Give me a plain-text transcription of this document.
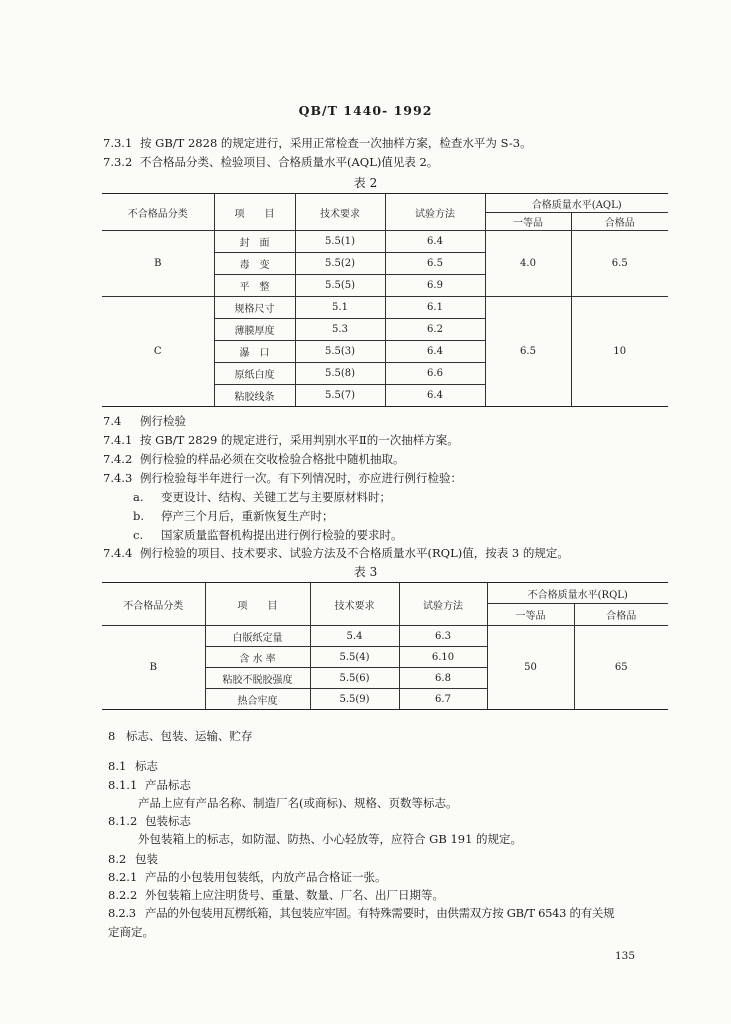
QB/T 1440- 1992
7.3.1 按 GB/T 2828 的规定进行，采用正常检查一次抽样方案，检查水平为 S-3。
7.3.2 不合格品分类、检验项目、合格质量水平(AQL)值见表 2。
表 2
不合格品分类	项　　目	技术要求	试验方法	合格质量水平(AQL)	
				一等品	合格品
B	封　面	5.5(1)	6.4	4.0	6.5
	毒　变	5.5(2)	6.5		
	平　整	5.5(5)	6.9		
C	规格尺寸	5.1	6.1	6.5	10
	薄膜厚度	5.3	6.2		
	瀑　口	5.5(3)	6.4		
	原纸白度	5.5(8)	6.6		
	粘胶线条	5.5(7)	6.4		
7.4 例行检验
7.4.1 按 GB/T 2829 的规定进行，采用判别水平Ⅱ的一次抽样方案。
7.4.2 例行检验的样品必须在交收检验合格批中随机抽取。
7.4.3 例行检验每半年进行一次。有下列情况时，亦应进行例行检验：
a. 变更设计、结构、关键工艺与主要原材料时；
b. 停产三个月后，重新恢复生产时；
c. 国家质量监督机构提出进行例行检验的要求时。
7.4.4 例行检验的项目、技术要求、试验方法及不合格质量水平(RQL)值，按表 3 的规定。
表 3
不合格品分类	项　　目	技术要求	试验方法	不合格质量水平(RQL)	
				一等品	合格品
B	白版纸定量	5.4	6.3	50	65
	含 水 率	5.5(4)	6.10		
	粘胶不脱胶强度	5.5(6)	6.8		
	热合牢度	5.5(9)	6.7		
8 标志、包装、运输、贮存
8.1 标志
8.1.1 产品标志
产品上应有产品名称、制造厂名(或商标)、规格、页数等标志。
8.1.2 包装标志
外包装箱上的标志，如防湿、防热、小心轻放等，应符合 GB 191 的规定。
8.2 包装
8.2.1 产品的小包装用包装纸，内放产品合格证一张。
8.2.2 外包装箱上应注明货号、重量、数量、厂名、出厂日期等。
8.2.3 产品的外包装用瓦楞纸箱，其包装应牢固。有特殊需要时，由供需双方按 GB/T 6543 的有关规
定商定。
135
